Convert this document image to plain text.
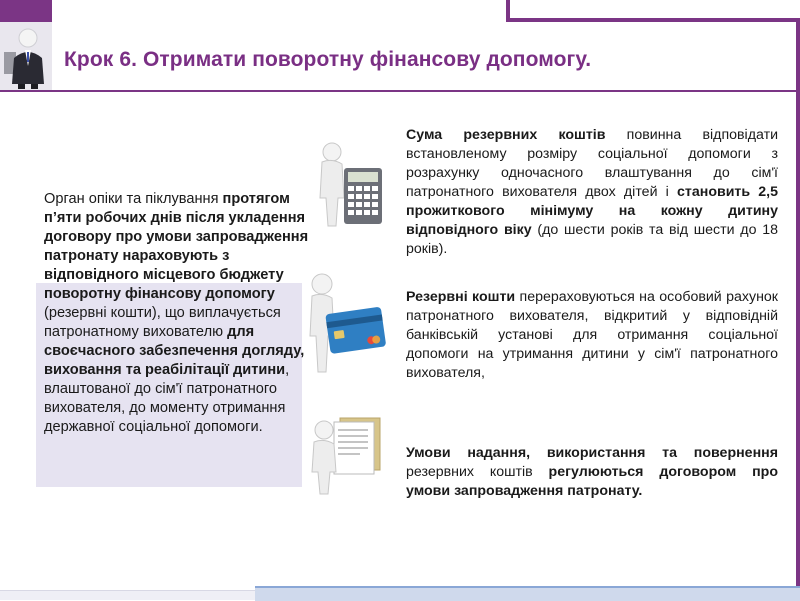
Крок 6. Отримати поворотну фінансову допомогу.
Орган опіки та піклування протягом п’яти робочих днів після укладення договору про умови запровадження патронату нараховують з відповідного місцевого бюджету поворотну фінансову допомогу (резервні кошти), що виплачується патронатному вихователю для своєчасного забезпечення догляду, виховання та реабілітації дитини, влаштованої до сім'ї патронатного вихователя, до моменту отримання державної соціальної допомоги.
Сума резервних коштів повинна відповідати встановленому розміру соціальної допомоги з розрахунку одночасного влаштування до сім'ї патронатного вихователя двох дітей і становить 2,5 прожиткового мінімуму на кожну дитину відповідного віку (до шести років та від шести до 18 років).
Резервні кошти перераховуються на особовий рахунок патронатного вихователя, відкритий у відповідній банківській установі для отримання соціальної допомоги на утримання дитини у сім'ї патронатного вихователя,
Умови надання, використання та повернення резервних коштів регулюються договором про умови запровадження патронату.
